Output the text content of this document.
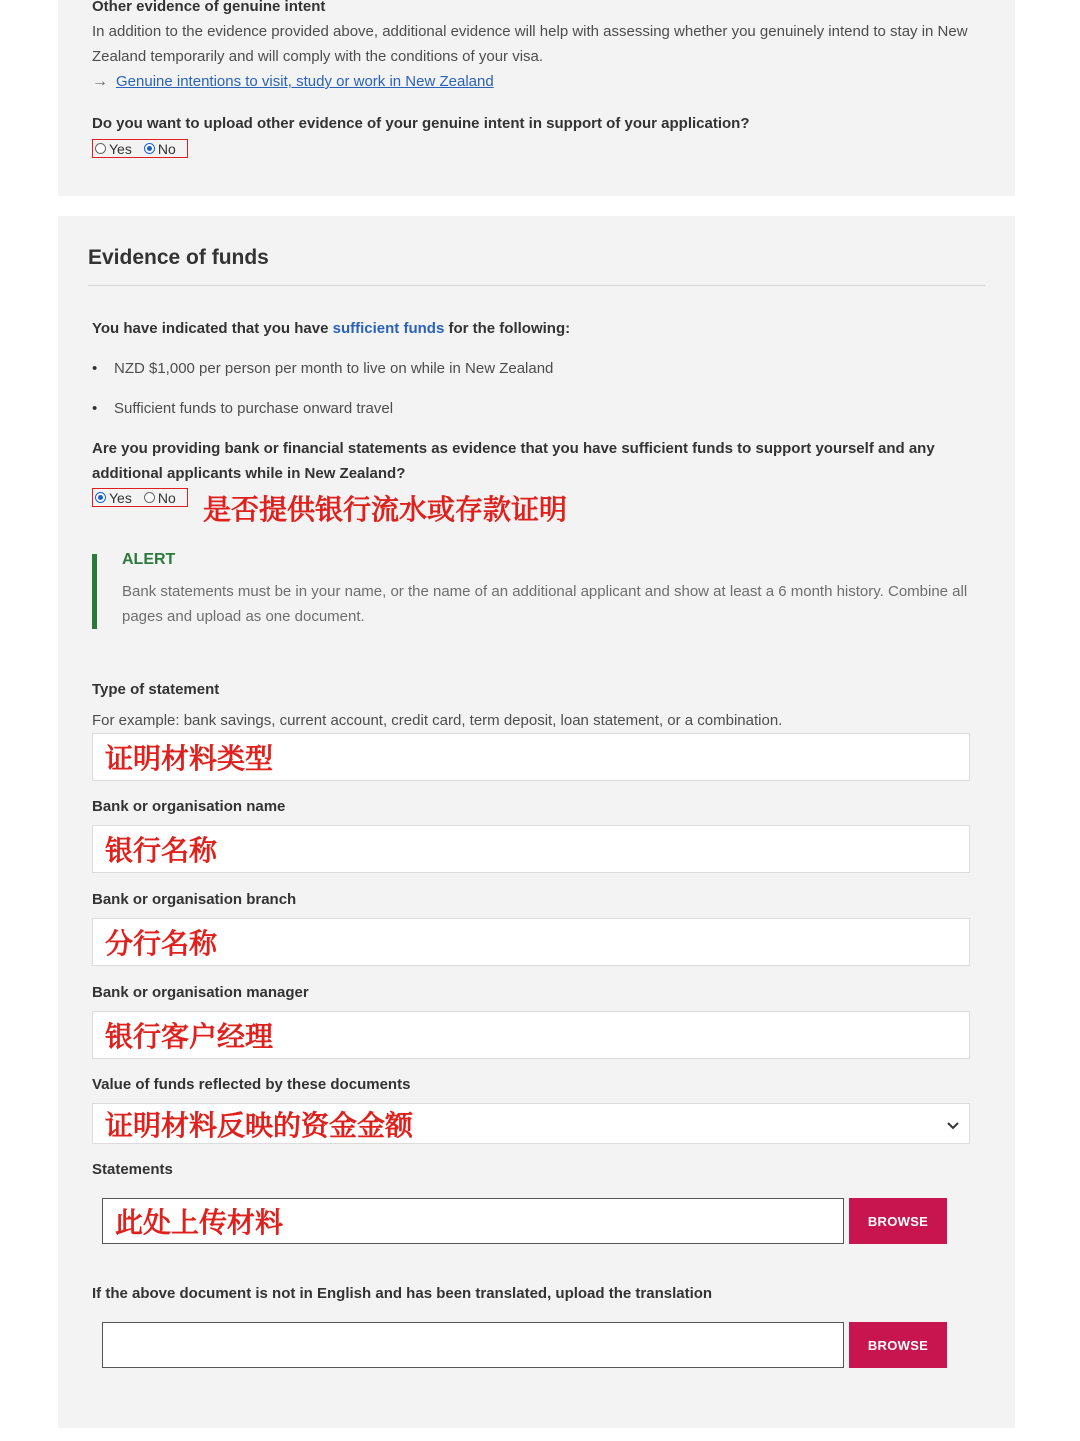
Other evidence of genuine intent
In addition to the evidence provided above, additional evidence will help with assessing whether you genuinely intend to stay in New Zealand temporarily and will comply with the conditions of your visa.
→ Genuine intentions to visit, study or work in New Zealand
Do you want to upload other evidence of your genuine intent in support of your application?
Yes No
Evidence of funds
You have indicated that you have sufficient funds for the following:
• NZD $1,000 per person per month to live on while in New Zealand
• Sufficient funds to purchase onward travel
Are you providing bank or financial statements as evidence that you have sufficient funds to support yourself and any additional applicants while in New Zealand?
Yes No 是否提供银行流水或存款证明
ALERT
Bank statements must be in your name, or the name of an additional applicant and show at least a 6 month history. Combine all pages and upload as one document.
Type of statement
For example: bank savings, current account, credit card, term deposit, loan statement, or a combination.
证明材料类型
Bank or organisation name
银行名称
Bank or organisation branch
分行名称
Bank or organisation manager
银行客户经理
Value of funds reflected by these documents
证明材料反映的资金金额
Statements
此处上传材料	BROWSE
If the above document is not in English and has been translated, upload the translation
BROWSE
